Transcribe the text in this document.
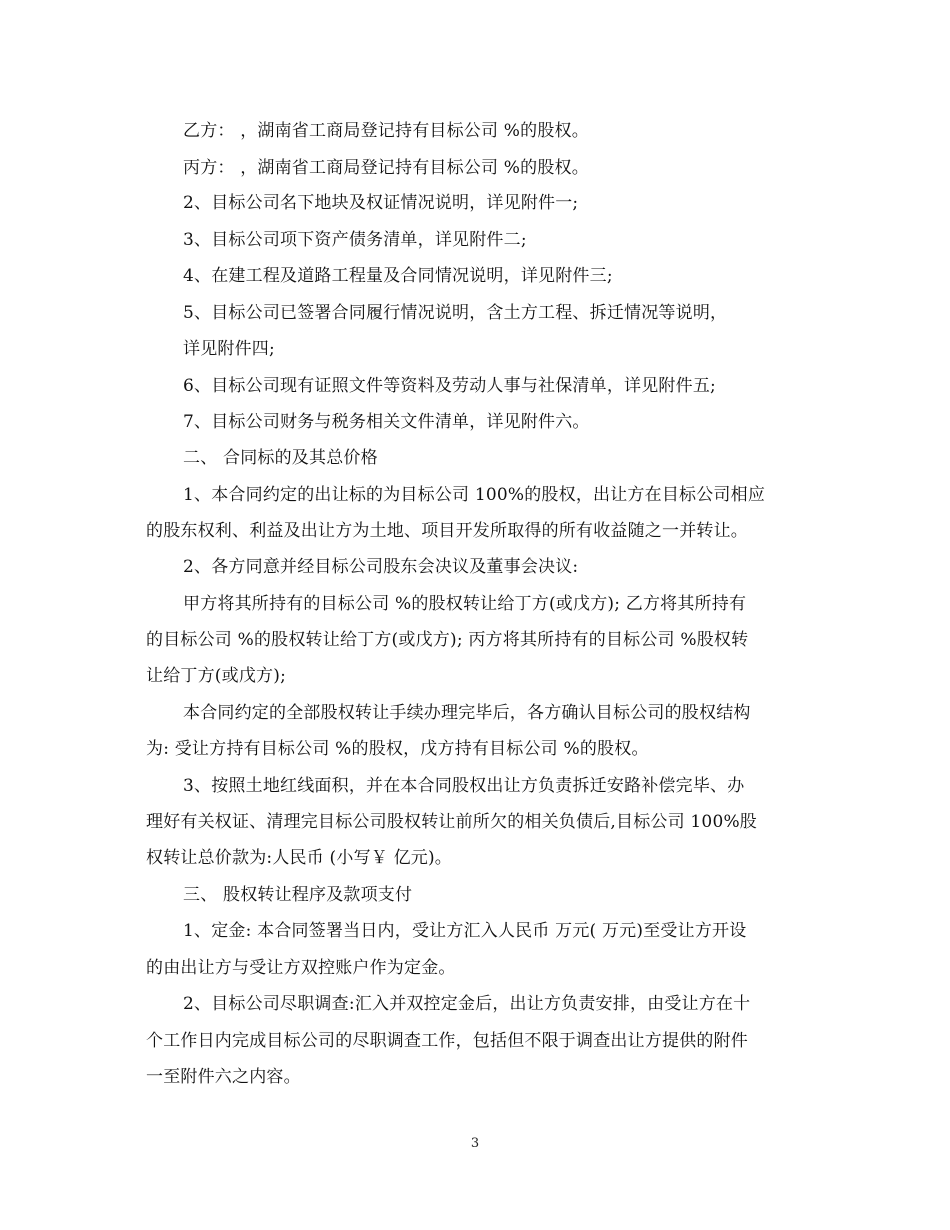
乙方： ，湖南省工商局登记持有目标公司 %的股权。
丙方： ，湖南省工商局登记持有目标公司 %的股权。
2、目标公司名下地块及权证情况说明，详见附件一;
3、目标公司项下资产债务清单，详见附件二;
4、在建工程及道路工程量及合同情况说明，详见附件三;
5、目标公司已签署合同履行情况说明，含土方工程、拆迁情况等说明，
详见附件四;
6、目标公司现有证照文件等资料及劳动人事与社保清单，详见附件五;
7、目标公司财务与税务相关文件清单，详见附件六。
二、 合同标的及其总价格
1、本合同约定的出让标的为目标公司 100%的股权，出让方在目标公司相应
的股东权利、利益及出让方为土地、项目开发所取得的所有收益随之一并转让。
2、各方同意并经目标公司股东会决议及董事会决议:
甲方将其所持有的目标公司 %的股权转让给丁方(或戊方); 乙方将其所持有
的目标公司 %的股权转让给丁方(或戊方); 丙方将其所持有的目标公司 %股权转
让给丁方(或戊方);
本合同约定的全部股权转让手续办理完毕后，各方确认目标公司的股权结构
为: 受让方持有目标公司 %的股权，戊方持有目标公司 %的股权。
3、按照土地红线面积，并在本合同股权出让方负责拆迁安路补偿完毕、办
理好有关权证、清理完目标公司股权转让前所欠的相关负债后,目标公司 100%股
权转让总价款为:人民币 (小写￥ 亿元)。
三、 股权转让程序及款项支付
1、定金: 本合同签署当日内，受让方汇入人民币 万元( 万元)至受让方开设
的由出让方与受让方双控账户作为定金。
2、目标公司尽职调查:汇入并双控定金后，出让方负责安排，由受让方在十
个工作日内完成目标公司的尽职调查工作，包括但不限于调查出让方提供的附件
一至附件六之内容。
3
